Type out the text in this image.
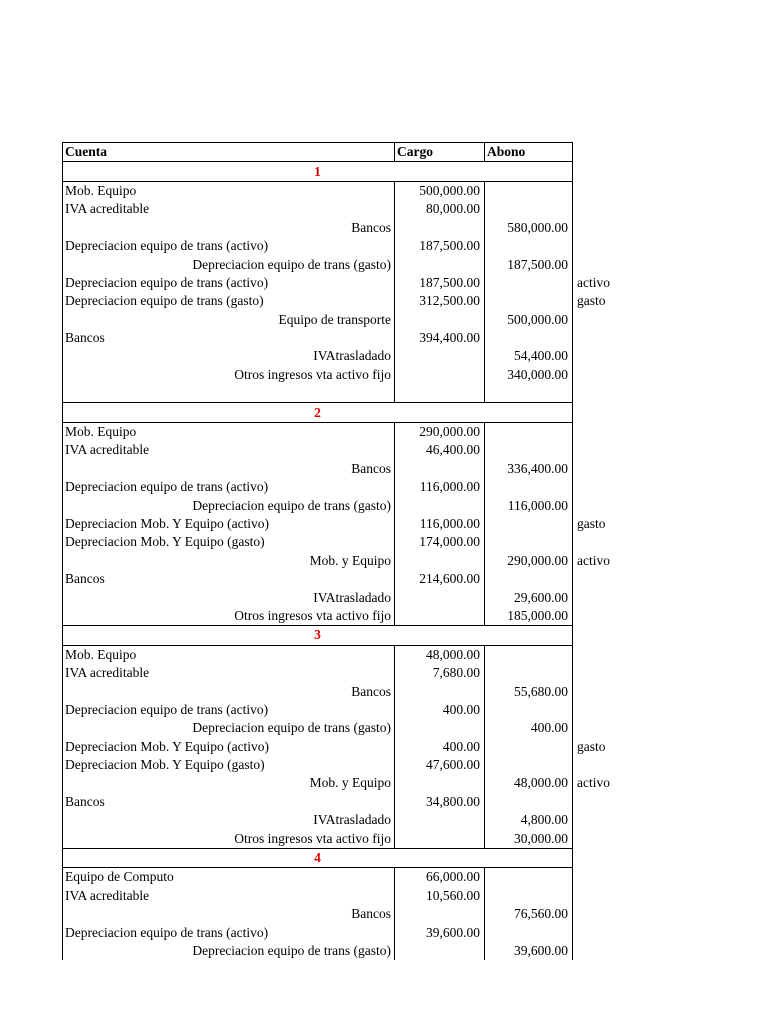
Cuenta	Cargo	Abono	
1			
Mob. Equipo	500,000.00		
IVA acreditable	80,000.00		
Bancos		580,000.00	
Depreciacion equipo de trans (activo)	187,500.00		
Depreciacion equipo de trans (gasto)		187,500.00	
Depreciacion equipo de trans (activo)	187,500.00		activo
Depreciacion equipo de trans (gasto)	312,500.00		gasto
Equipo de transporte		500,000.00	
Bancos	394,400.00		
IVAtrasladado		54,400.00	
Otros ingresos vta activo fijo		340,000.00	

2			
Mob. Equipo	290,000.00		
IVA acreditable	46,400.00		
Bancos		336,400.00	
Depreciacion equipo de trans (activo)	116,000.00		
Depreciacion equipo de trans (gasto)		116,000.00	
Depreciacion Mob. Y Equipo (activo)	116,000.00		gasto
Depreciacion Mob. Y Equipo (gasto)	174,000.00		
Mob. y Equipo		290,000.00	activo
Bancos	214,600.00		
IVAtrasladado		29,600.00	
Otros ingresos vta activo fijo		185,000.00	
3			
Mob. Equipo	48,000.00		
IVA acreditable	7,680.00		
Bancos		55,680.00	
Depreciacion equipo de trans (activo)	400.00		
Depreciacion equipo de trans (gasto)		400.00	
Depreciacion Mob. Y Equipo (activo)	400.00		gasto
Depreciacion Mob. Y Equipo (gasto)	47,600.00		
Mob. y Equipo		48,000.00	activo
Bancos	34,800.00		
IVAtrasladado		4,800.00	
Otros ingresos vta activo fijo		30,000.00	
4			
Equipo de Computo	66,000.00		
IVA acreditable	10,560.00		
Bancos		76,560.00	
Depreciacion equipo de trans (activo)	39,600.00		
Depreciacion equipo de trans (gasto)		39,600.00	
